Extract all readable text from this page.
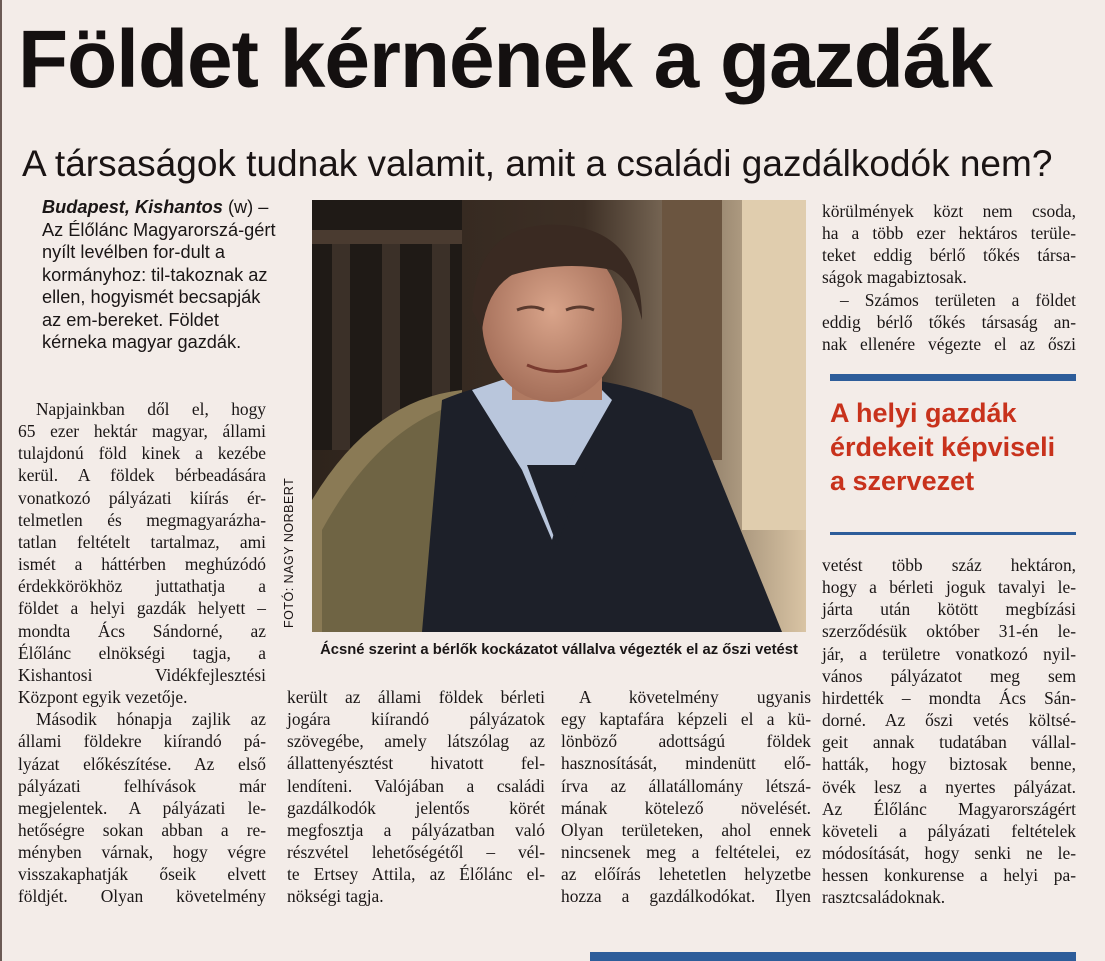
Földet kérnének a gazdák
A társaságok tudnak valamit, amit a családi gazdálkodók nem?
Budapest, Kishantos (w) –
Az Élőlánc Magyarorszá-gért nyílt levélben for-dult a kormányhoz: til-takoznak az ellen, hogyismét becsapják az em-bereket. Földet kérneka magyar gazdák.
Napjainkban dől el, hogy
65 ezer hektár magyar, állami
tulajdonú föld kinek a kezébe
kerül. A földek bérbeadására
vonatkozó pályázati kiírás ér-
telmetlen és megmagyarázha-
tatlan feltételt tartalmaz, ami
ismét a háttérben meghúzódó
érdekkörökhöz juttathatja a
földet a helyi gazdák helyett –
mondta Ács Sándorné, az
Élőlánc elnökségi tagja, a
Kishantosi Vidékfejlesztési
Központ egyik vezetője.
Második hónapja zajlik az
állami földekre kiírandó pá-
lyázat előkészítése. Az első
pályázati felhívások már
megjelentek. A pályázati le-
hetőségre sokan abban a re-
ményben várnak, hogy végre
visszakaphatják őseik elvett
földjét. Olyan követelmény
FOTÓ: NAGY NORBERT
Ácsné szerint a bérlők kockázatot vállalva végezték el az őszi vetést
került az állami földek bérleti
jogára kiírandó pályázatok
szövegébe, amely látszólag az
állattenyésztést hivatott fel-
lendíteni. Valójában a családi
gazdálkodók jelentős körét
megfosztja a pályázatban való
részvétel lehetőségétől – vél-
te Ertsey Attila, az Élőlánc el-
nökségi tagja.
A követelmény ugyanis
egy kaptafára képzeli el a kü-
lönböző adottságú földek
hasznosítását, mindenütt elő-
írva az állatállomány létszá-
mának kötelező növelését.
Olyan területeken, ahol ennek
nincsenek meg a feltételei, ez
az előírás lehetetlen helyzetbe
hozza a gazdálkodókat. Ilyen
körülmények közt nem csoda,
ha a több ezer hektáros terüle-
teket eddig bérlő tőkés társa-
ságok magabiztosak.
– Számos területen a földet
eddig bérlő tőkés társaság an-
nak ellenére végezte el az őszi
A helyi gazdák
érdekeit képviseli
a szervezet
vetést több száz hektáron,
hogy a bérleti joguk tavalyi le-
járta után kötött megbízási
szerződésük október 31-én le-
jár, a területre vonatkozó nyil-
vános pályázatot meg sem
hirdették – mondta Ács Sán-
dorné. Az őszi vetés költsé-
geit annak tudatában vállal-
hatták, hogy biztosak benne,
övék lesz a nyertes pályázat.
Az Élőlánc Magyarországért
követeli a pályázati feltételek
módosítását, hogy senki ne le-
hessen konkurense a helyi pa-
rasztcsaládoknak.
